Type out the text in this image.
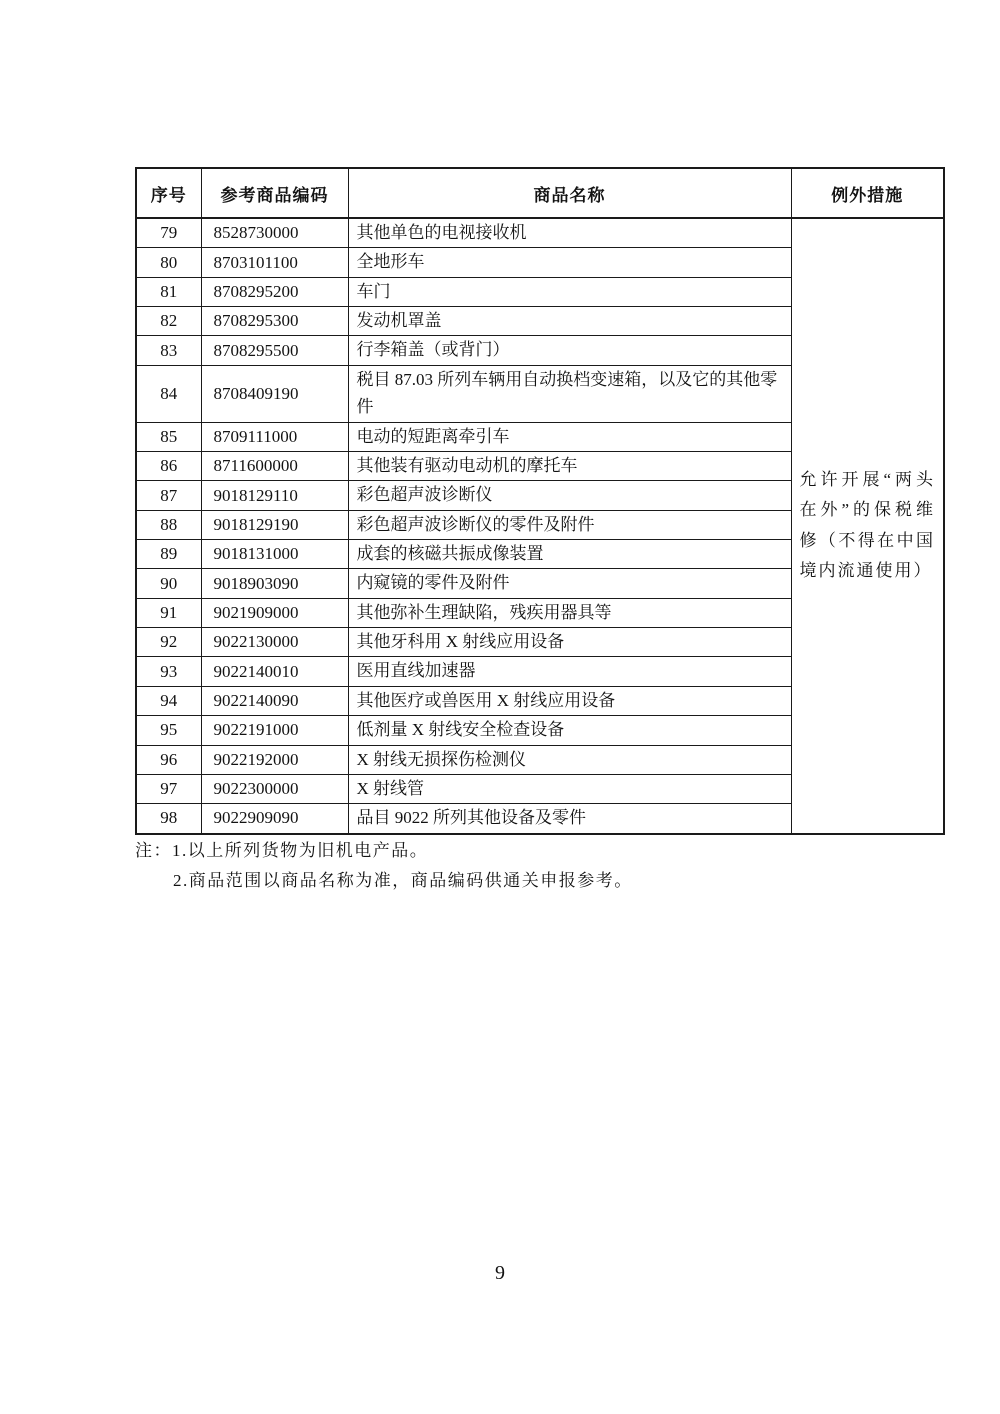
序号	参考商品编码	商品名称	例外措施
79	8528730000	其他单色的电视接收机	允许开展“两头在外”的保税维修（不得在中国境内流通使用）
80	8703101100	全地形车	
81	8708295200	车门	
82	8708295300	发动机罩盖	
83	8708295500	行李箱盖（或背门）	
84	8708409190	税目 87.03 所列车辆用自动换档变速箱，以及它的其他零件	
85	8709111000	电动的短距离牵引车	
86	8711600000	其他装有驱动电动机的摩托车	
87	9018129110	彩色超声波诊断仪	
88	9018129190	彩色超声波诊断仪的零件及附件	
89	9018131000	成套的核磁共振成像装置	
90	9018903090	内窥镜的零件及附件	
91	9021909000	其他弥补生理缺陷，残疾用器具等	
92	9022130000	其他牙科用 X 射线应用设备	
93	9022140010	医用直线加速器	
94	9022140090	其他医疗或兽医用 X 射线应用设备	
95	9022191000	低剂量 X 射线安全检查设备	
96	9022192000	X 射线无损探伤检测仪	
97	9022300000	X 射线管	
98	9022909090	品目 9022 所列其他设备及零件	
注： 1.以上所列货物为旧机电产品。
2.商品范围以商品名称为准，商品编码供通关申报参考。
9
